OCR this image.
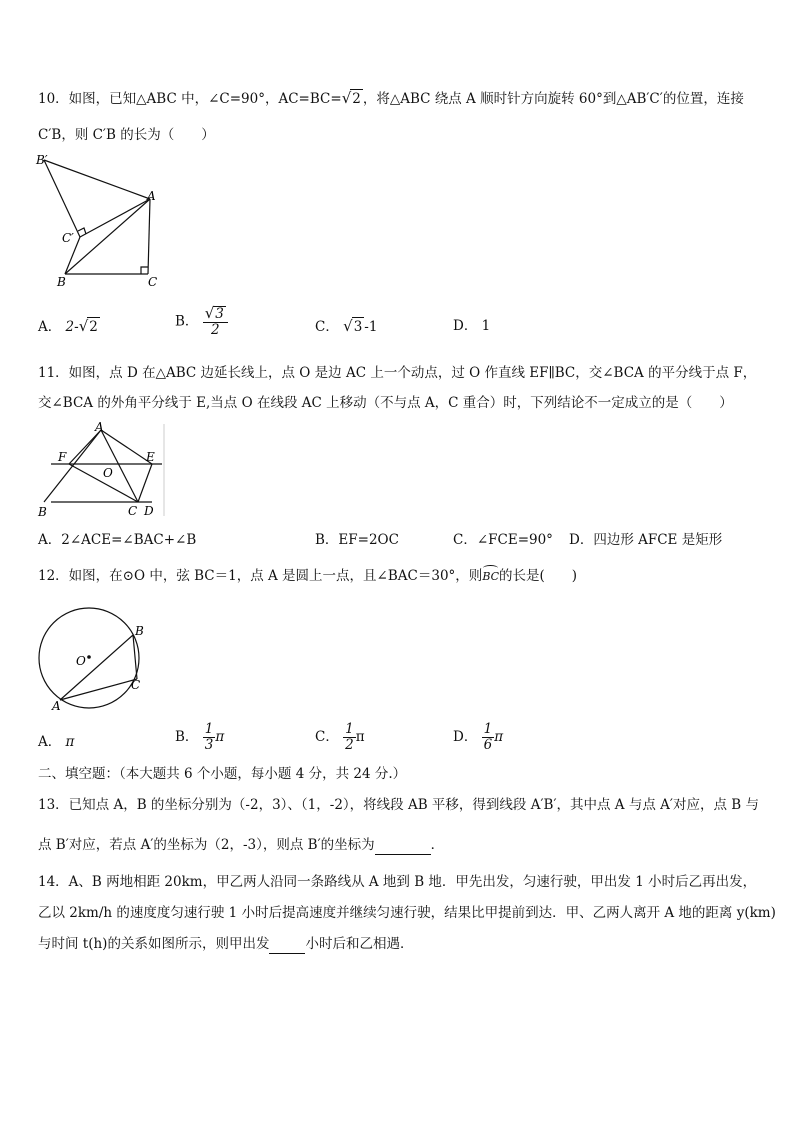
10．如图，已知△ABC 中，∠C=90°，AC=BC=√2 ，将△ABC 绕点 A 顺时针方向旋转 60°到△AB′C′的位置，连接
C′B，则 C′B 的长为（　　）
B′
A
C′
B	C
A． 2-√2	B． $\frac{√3}{2}$	C． √3 -1	D． 1
11．如图，点 D 在△ABC 边延长线上，点 O 是边 AC 上一个动点，过 O 作直线 EF∥BC，交∠BCA 的平分线于点 F，
交∠BCA 的外角平分线于 E,当点 O 在线段 AC 上移动（不与点 A，C 重合）时，下列结论不一定成立的是（　　）
A
F	E
O
B	C D
A．2∠ACE=∠BAC+∠B	B．EF=2OC	C．∠FCE=90° D．四边形 AFCE 是矩形
12．如图，在⊙O 中，弦 BC＝1，点 A 是圆上一点，且∠BAC＝30°，则
BC的长是(　　)
O
B
C
A
A． π	B． $\frac{1}{3}$ π	C． $\frac{1}{2}$ π	D． $\frac{1}{6}$ π
二、填空题：（本大题共 6 个小题，每小题 4 分，共 24 分.）
13．已知点 A，B 的坐标分别为（-2，3）、（1，-2），将线段 AB 平移，得到线段 A′B′，其中点 A 与点 A′对应，点 B 与
点 B′对应，若点 A′的坐标为（2，-3），则点 B′的坐标为	．
14．A、B 两地相距 20km，甲乙两人沿同一条路线从 A 地到 B 地．甲先出发，匀速行驶，甲出发 1 小时后乙再出发，
乙以 2km/h 的速度度匀速行驶 1 小时后提高速度并继续匀速行驶，结果比甲提前到达．甲、乙两人离开 A 地的距离 y(km)
与时间 t(h)的关系如图所示，则甲出发	小时后和乙相遇．
